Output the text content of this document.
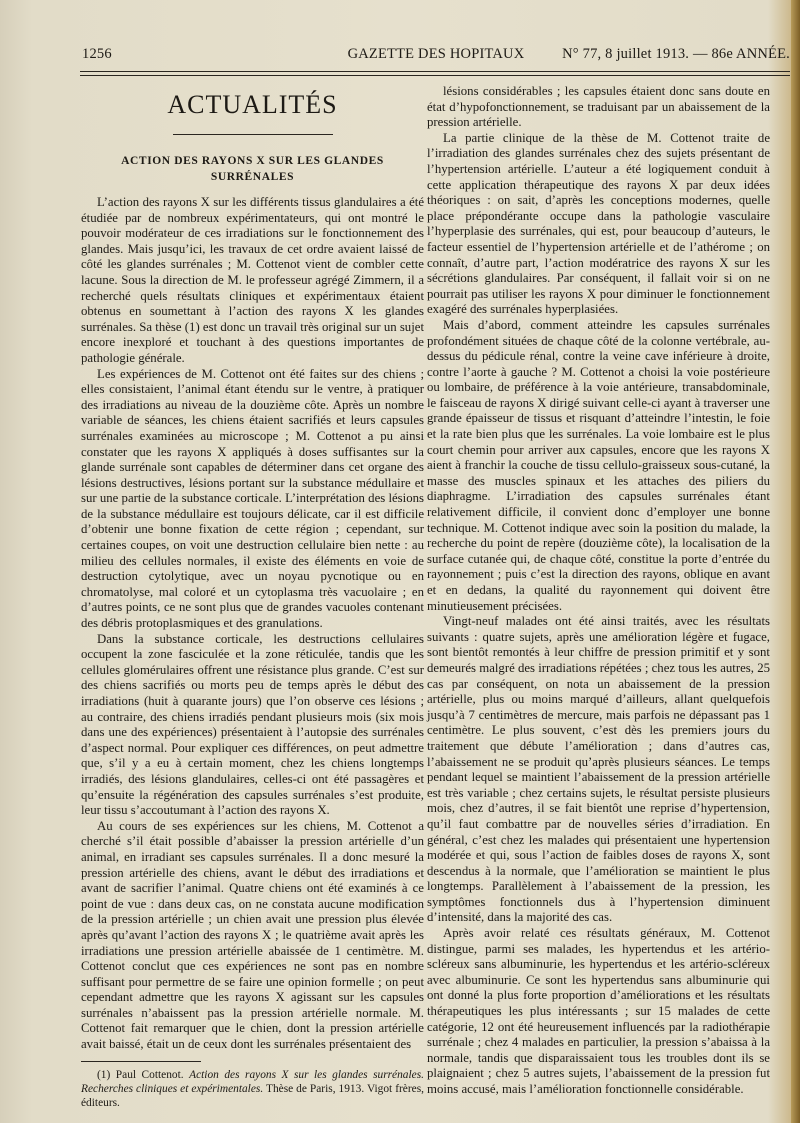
1256	GAZETTE DES HOPITAUX	N° 77, 8 juillet 1913. — 86e ANNÉE.
ACTUALITÉS
ACTION DES RAYONS X SUR LES GLANDES SURRÉNALES

L’action des rayons X sur les différents tissus glandulaires a été étudiée par de nombreux expérimentateurs, qui ont montré le pouvoir modérateur de ces irradiations sur le fonctionnement des glandes. Mais jusqu’ici, les travaux de cet ordre avaient laissé de côté les glandes surrénales ; M. Cottenot vient de combler cette lacune. Sous la direction de M. le professeur agrégé Zimmern, il a recherché quels résultats cliniques et expérimentaux étaient obtenus en soumettant à l’action des rayons X les glandes surrénales. Sa thèse (1) est donc un travail très original sur un sujet encore inexploré et touchant à des questions importantes de pathologie générale.

Les expériences de M. Cottenot ont été faites sur des chiens ; elles consistaient, l’animal étant étendu sur le ventre, à pratiquer des irradiations au niveau de la douzième côte. Après un nombre variable de séances, les chiens étaient sacrifiés et leurs capsules surrénales examinées au microscope ; M. Cottenot a pu ainsi constater que les rayons X appliqués à doses suffisantes sur la glande surrénale sont capables de déterminer dans cet organe des lésions destructives, lésions portant sur la substance médullaire et sur une partie de la substance corticale. L’interprétation des lésions de la substance médullaire est toujours délicate, car il est difficile d’obtenir une bonne fixation de cette région ; cependant, sur certaines coupes, on voit une destruction cellulaire bien nette : au milieu des cellules normales, il existe des éléments en voie de destruction cytolytique, avec un noyau pycnotique ou en chromatolyse, mal coloré et un cytoplasma très vacuolaire ; en d’autres points, ce ne sont plus que de grandes vacuoles contenant des débris protoplasmiques et des granulations.

Dans la substance corticale, les destructions cellulaires occupent la zone fasciculée et la zone réticulée, tandis que les cellules glomérulaires offrent une résistance plus grande. C’est sur des chiens sacrifiés ou morts peu de temps après le début des irradiations (huit à quarante jours) que l’on observe ces lésions ; au contraire, des chiens irradiés pendant plusieurs mois (six mois dans une des expériences) présentaient à l’autopsie des surrénales d’aspect normal. Pour expliquer ces différences, on peut admettre que, s’il y a eu à certain moment, chez les chiens longtemps irradiés, des lésions glandulaires, celles-ci ont été passagères et qu’ensuite la régénération des capsules surrénales s’est produite, leur tissu s’accoutumant à l’action des rayons X.

Au cours de ses expériences sur les chiens, M. Cottenot a cherché s’il était possible d’abaisser la pression artérielle d’un animal, en irradiant ses capsules surrénales. Il a donc mesuré la pression artérielle des chiens, avant le début des irradiations et avant de sacrifier l’animal. Quatre chiens ont été examinés à ce point de vue : dans deux cas, on ne constata aucune modification de la pression artérielle ; un chien avait une pression plus élevée après qu’avant l’action des rayons X ; le quatrième avait après les irradiations une pression artérielle abaissée de 1 centimètre. M. Cottenot conclut que ces expériences ne sont pas en nombre suffisant pour permettre de se faire une opinion formelle ; on peut cependant admettre que les rayons X agissant sur les capsules surrénales n’abaissent pas la pression artérielle normale. M. Cottenot fait remarquer que le chien, dont la pression artérielle avait baissé, était un de ceux dont les surrénales présentaient des

(1) Paul Cottenot. Action des rayons X sur les glandes surrénales. Recherches cliniques et expérimentales. Thèse de Paris, 1913. Vigot frères, éditeurs.

lésions considérables ; les capsules étaient donc sans doute en état d’hypofonctionnement, se traduisant par un abaissement de la pression artérielle.

La partie clinique de la thèse de M. Cottenot traite de l’irradiation des glandes surrénales chez des sujets présentant de l’hypertension artérielle. L’auteur a été logiquement conduit à cette application thérapeutique des rayons X par deux idées théoriques : on sait, d’après les conceptions modernes, quelle place prépondérante occupe dans la pathologie vasculaire l’hyperplasie des surrénales, qui est, pour beaucoup d’auteurs, le facteur essentiel de l’hypertension artérielle et de l’athérome ; on connaît, d’autre part, l’action modératrice des rayons X sur les sécrétions glandulaires. Par conséquent, il fallait voir si on ne pourrait pas utiliser les rayons X pour diminuer le fonctionnement exagéré des surrénales hyperplasiées.

Mais d’abord, comment atteindre les capsules surrénales profondément situées de chaque côté de la colonne vertébrale, au-dessus du pédicule rénal, contre la veine cave inférieure à droite, contre l’aorte à gauche ? M. Cottenot a choisi la voie postérieure ou lombaire, de préférence à la voie antérieure, transabdominale, le faisceau de rayons X dirigé suivant celle-ci ayant à traverser une grande épaisseur de tissus et risquant d’atteindre l’intestin, le foie et la rate bien plus que les surrénales. La voie lombaire est le plus court chemin pour arriver aux capsules, encore que les rayons X aient à franchir la couche de tissu cellulo-graisseux sous-cutané, la masse des muscles spinaux et les attaches des piliers du diaphragme. L’irradiation des capsules surrénales étant relativement difficile, il convient donc d’employer une bonne technique. M. Cottenot indique avec soin la position du malade, la recherche du point de repère (douzième côte), la localisation de la surface cutanée qui, de chaque côté, constitue la porte d’entrée du rayonnement ; puis c’est la direction des rayons, oblique en avant et en dedans, la qualité du rayonnement qui doivent être minutieusement précisées.

Vingt-neuf malades ont été ainsi traités, avec les résultats suivants : quatre sujets, après une amélioration légère et fugace, sont bientôt remontés à leur chiffre de pression primitif et y sont demeurés malgré des irradiations répétées ; chez tous les autres, 25 cas par conséquent, on nota un abaissement de la pression artérielle, plus ou moins marqué d’ailleurs, allant quelquefois jusqu’à 7 centimètres de mercure, mais parfois ne dépassant pas 1 centimètre. Le plus souvent, c’est dès les premiers jours du traitement que débute l’amélioration ; dans d’autres cas, l’abaissement ne se produit qu’après plusieurs séances. Le temps pendant lequel se maintient l’abaissement de la pression artérielle est très variable ; chez certains sujets, le résultat persiste plusieurs mois, chez d’autres, il se fait bientôt une reprise d’hypertension, qu’il faut combattre par de nouvelles séries d’irradiation. En général, c’est chez les malades qui présentaient une hypertension modérée et qui, sous l’action de faibles doses de rayons X, sont descendus à la normale, que l’amélioration se maintient le plus longtemps. Parallèlement à l’abaissement de la pression, les symptômes fonctionnels dus à l’hypertension diminuent d’intensité, dans la majorité des cas.

Après avoir relaté ces résultats généraux, M. Cottenot distingue, parmi ses malades, les hypertendus et les artério-scléreux sans albuminurie, les hypertendus et les artério-scléreux avec albuminurie. Ce sont les hypertendus sans albuminurie qui ont donné la plus forte proportion d’améliorations et les résultats thérapeutiques les plus intéressants ; sur 15 malades de cette catégorie, 12 ont été heureusement influencés par la radiothérapie surrénale ; chez 4 malades en particulier, la pression s’abaissa à la normale, tandis que disparaissaient tous les troubles dont ils se plaignaient ; chez 5 autres sujets, l’abaissement de la pression fut moins accusé, mais l’amélioration fonctionnelle considérable.
